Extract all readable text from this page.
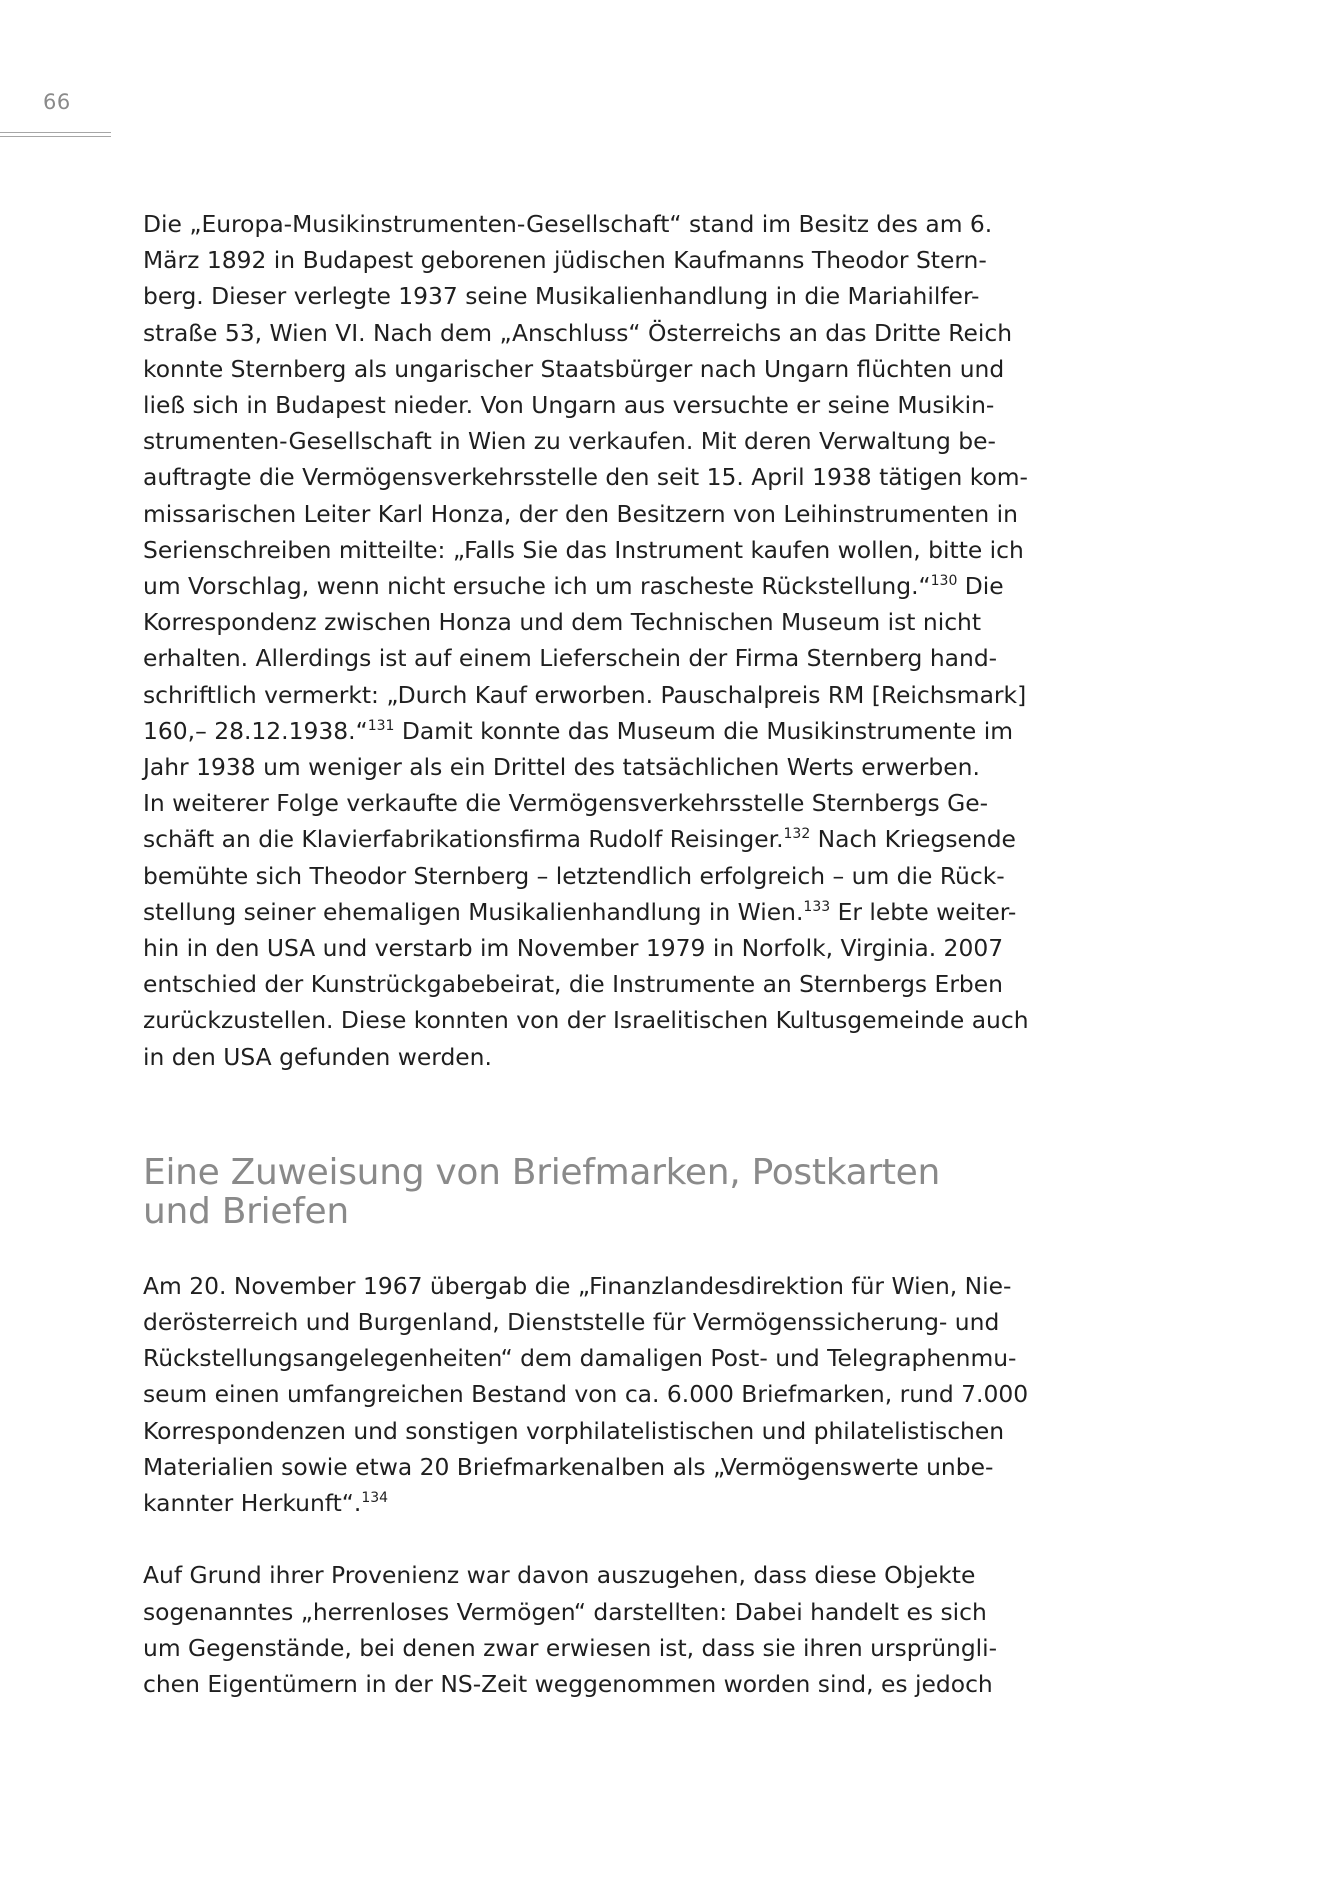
66

Die „Europa-Musikinstrumenten-Gesellschaft“ stand im Besitz des am 6.
März 1892 in Budapest geborenen jüdischen Kaufmanns Theodor Stern-
berg. Dieser verlegte 1937 seine Musikalienhandlung in die Mariahilfer-
straße 53, Wien VI. Nach dem „Anschluss“ Österreichs an das Dritte Reich
konnte Sternberg als ungarischer Staatsbürger nach Ungarn flüchten und
ließ sich in Budapest nieder. Von Ungarn aus versuchte er seine Musikin-
strumenten-Gesellschaft in Wien zu verkaufen. Mit deren Verwaltung be-
auftragte die Vermögensverkehrsstelle den seit 15. April 1938 tätigen kom-
missarischen Leiter Karl Honza, der den Besitzern von Leihinstrumenten in
Serienschreiben mitteilte: „Falls Sie das Instrument kaufen wollen, bitte ich
um Vorschlag, wenn nicht ersuche ich um rascheste Rückstellung.“$^{130}$ Die
Korrespondenz zwischen Honza und dem Technischen Museum ist nicht
erhalten. Allerdings ist auf einem Lieferschein der Firma Sternberg hand-
schriftlich vermerkt: „Durch Kauf erworben. Pauschalpreis RM [Reichsmark]
160,– 28.12.1938.“$^{131}$ Damit konnte das Museum die Musikinstrumente im
Jahr 1938 um weniger als ein Drittel des tatsächlichen Werts erwerben.
In weiterer Folge verkaufte die Vermögensverkehrsstelle Sternbergs Ge-
schäft an die Klavierfabrikationsfirma Rudolf Reisinger.$^{132}$ Nach Kriegsende
bemühte sich Theodor Sternberg – letztendlich erfolgreich – um die Rück-
stellung seiner ehemaligen Musikalienhandlung in Wien.$^{133}$ Er lebte weiter-
hin in den USA und verstarb im November 1979 in Norfolk, Virginia. 2007
entschied der Kunstrückgabebeirat, die Instrumente an Sternbergs Erben
zurückzustellen. Diese konnten von der Israelitischen Kultusgemeinde auch
in den USA gefunden werden.

Eine Zuweisung von Briefmarken, Postkarten
und Briefen

Am 20. November 1967 übergab die „Finanzlandesdirektion für Wien, Nie-
derösterreich und Burgenland, Dienststelle für Vermögenssicherung- und
Rückstellungsangelegenheiten“ dem damaligen Post- und Telegraphenmu-
seum einen umfangreichen Bestand von ca. 6.000 Briefmarken, rund 7.000
Korrespondenzen und sonstigen vorphilatelistischen und philatelistischen
Materialien sowie etwa 20 Briefmarkenalben als „Vermögenswerte unbe-
kannter Herkunft“.$^{134}$

Auf Grund ihrer Provenienz war davon auszugehen, dass diese Objekte
sogenanntes „herrenloses Vermögen“ darstellten: Dabei handelt es sich
um Gegenstände, bei denen zwar erwiesen ist, dass sie ihren ursprüngli-
chen Eigentümern in der NS-Zeit weggenommen worden sind, es jedoch
